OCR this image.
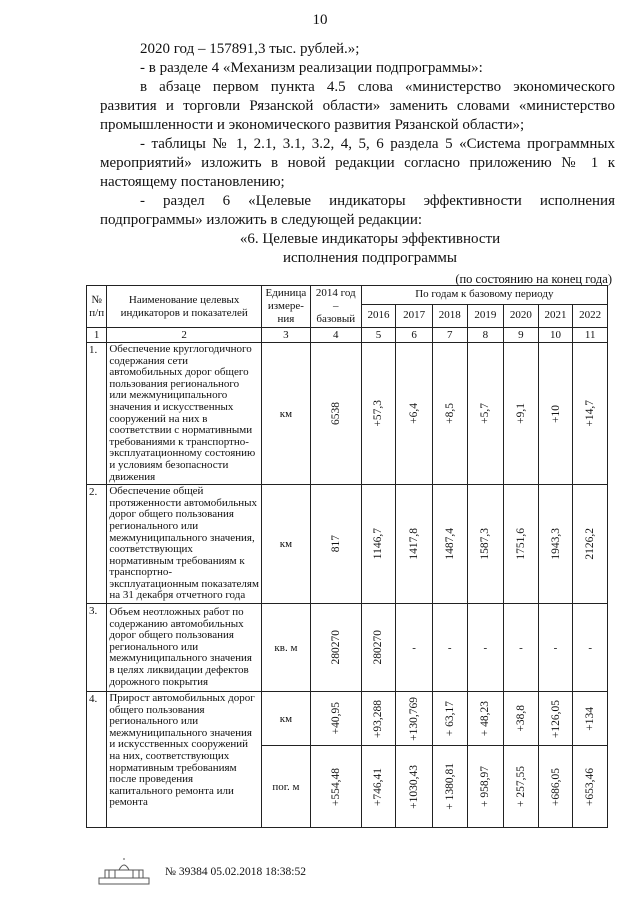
10
2020 год – 157891,3 тыс. рублей.»;
- в разделе 4 «Механизм реализации подпрограммы»:
в абзаце первом пункта 4.5 слова «министерство экономического развития и торговли Рязанской области» заменить словами «министерство промышленности и экономического развития Рязанской области»;
- таблицы № 1, 2.1, 3.1, 3.2, 4, 5, 6 раздела 5 «Система программных мероприятий» изложить в новой редакции согласно приложению № 1 к настоящему постановлению;
- раздел 6 «Целевые индикаторы эффективности исполнения подпрограммы» изложить в следующей редакции:
«6. Целевые индикаторы эффективности
исполнения подпрограммы
(по состоянию на конец года)
№ п/п	Наименование целевых индикаторов и показателей	Единица измере-ния	2014 год – базовый	По годам к базовому периоду						
				2016	2017	2018	2019	2020	2021	2022
1	2	3	4	5	6	7	8	9	10	11
1.	Обеспечение круглогодичного содержания сети автомобильных дорог общего пользования регионального или межмуниципального значения и искусственных сооружений на них в соответствии с нормативными требованиями к транспортно-эксплуатационному состоянию и условиям безопасности движения	км	6538	+57,3	+6,4	+8,5	+5,7	+9,1	+10	+14,7

2.	Обеспечение общей протяженности автомобильных дорог общего пользования регионального или межмуниципального значения, соответствующих нормативным требованиям к транспортно-эксплуатационным показателям на 31 декабря отчетного года	км	817	1146,7	1417,8	1487,4	1587,3	1751,6	1943,3	2126,2

3.	Объем неотложных работ по содержанию автомобильных дорог общего пользования регионального или межмуниципального значения в целях ликвидации дефектов дорожного покрытия	кв. м	280270	280270	-	-	-	-	-	-
4.	Прирост автомобильных дорог общего пользования регионального или межмуниципального значения и искусственных сооружений на них, соответствующих нормативным требованиям после проведения капитального ремонта или ремонта	км	+40,95	+93,288	+130,769	+ 63,17	+ 48,23	+38,8	+126,05	+134

		пог. м	+554,48	+746,41	+1030,43	+ 1380,81	+ 958,97	+ 257,55	+686,05	+653,46
№ 39384 05.02.2018 18:38:52
